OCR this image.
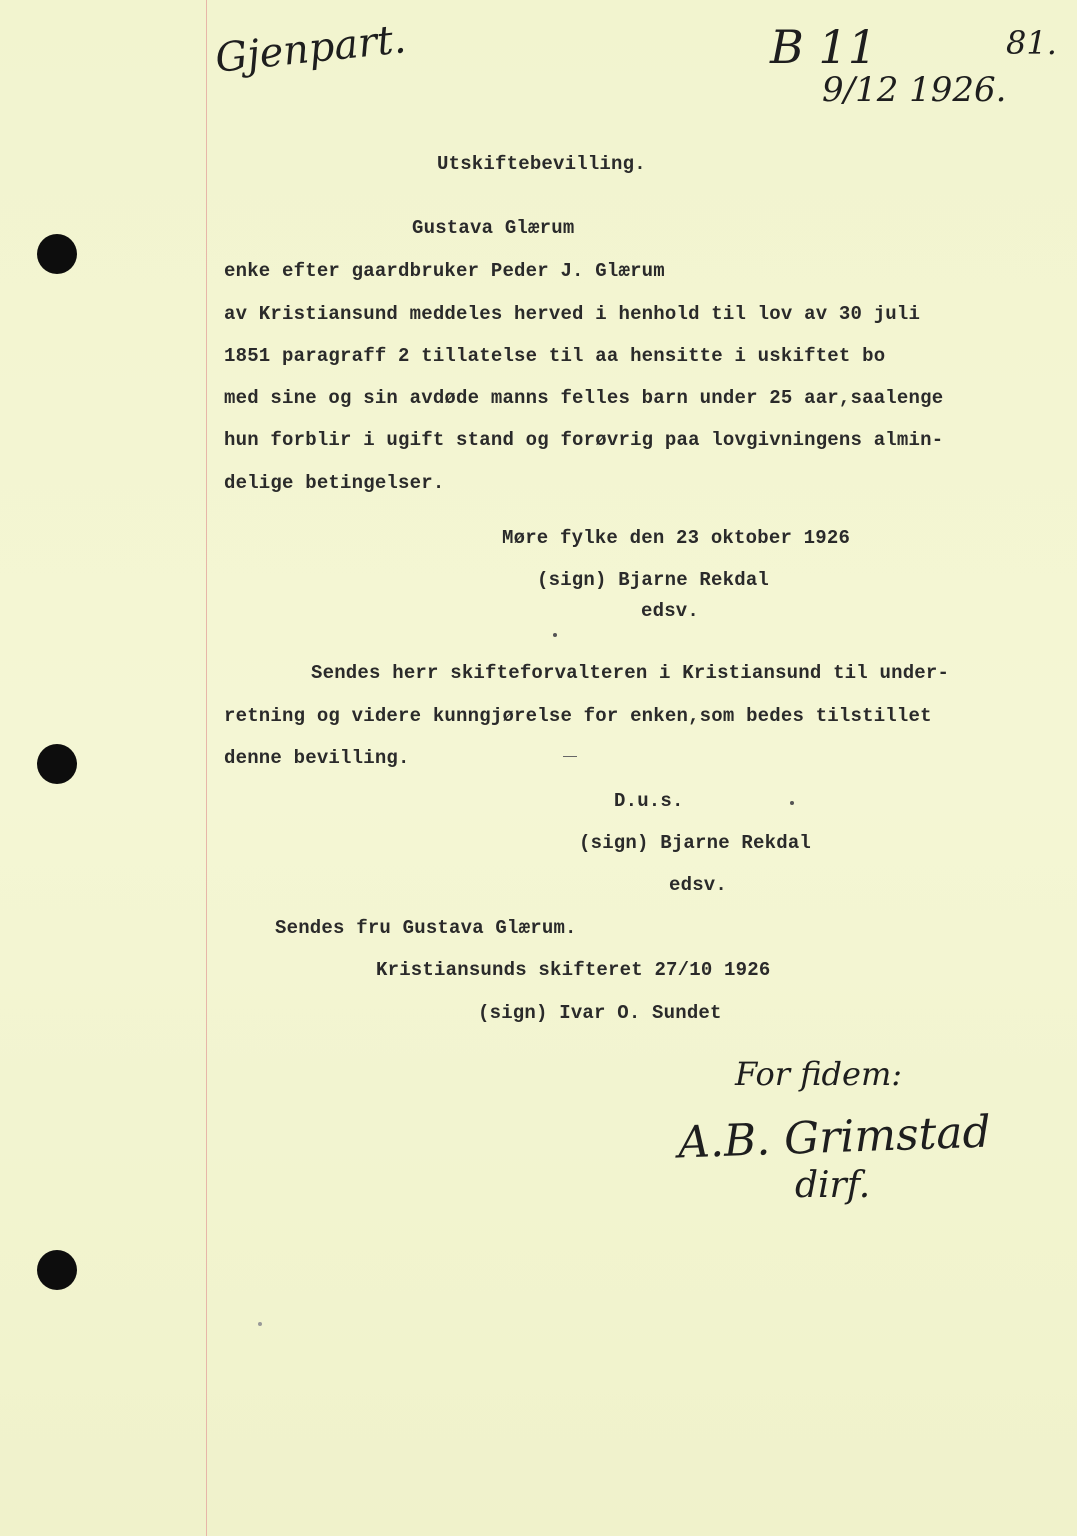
Gjenpart.	B 11
9/12 1926.
81.
Utskiftebevilling.
Gustava Glærum
enke efter gaardbruker Peder J. Glærum
av Kristiansund meddeles herved i henhold til lov av 30 juli
1851 paragraff 2 tillatelse til aa hensitte i uskiftet bo
med sine og sin avdøde manns felles barn under 25 aar,saalenge
hun forblir i ugift stand og forøvrig paa lovgivningens almin-
delige betingelser.
Møre fylke den 23 oktober 1926
(sign) Bjarne Rekdal
edsv.
Sendes herr skifteforvalteren i Kristiansund til under-
retning og videre kunngjørelse for enken,som bedes tilstillet
denne bevilling.
D.u.s.
(sign) Bjarne Rekdal
edsv.
Sendes fru Gustava Glærum.
Kristiansunds skifteret 27/10 1926
(sign) Ivar O. Sundet
For fidem:
A.B. Grimstad
dirf.
